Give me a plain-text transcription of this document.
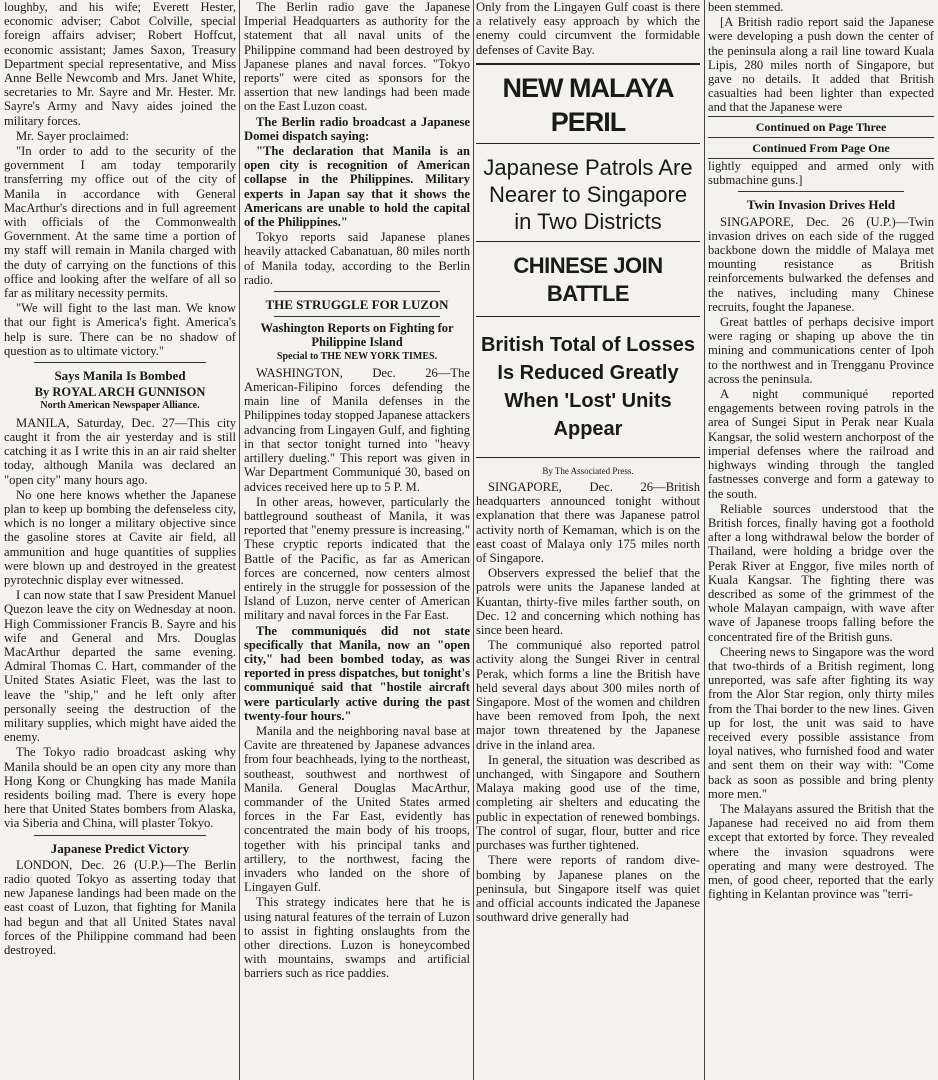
loughby, and his wife; Everett Hester, economic adviser; Cabot Colville, special foreign affairs adviser; Robert Hoffcut, economic assistant; James Saxon, Treasury Department special representative, and Miss Anne Belle Newcomb and Mrs. Janet White, secretaries to Mr. Sayre and Mr. Hester. Mr. Sayre's Army and Navy aides joined the military forces.

Mr. Sayer proclaimed:

"In order to add to the security of the government I am today temporarily transferring my office out of the city of Manila in accordance with General MacArthur's directions and in full agreement with officials of the Commonwealth Government. At the same time a portion of my staff will remain in Manila charged with the duty of carrying on the functions of this office and looking after the welfare of all so far as military necessity permits.

"We will fight to the last man. We know that our fight is America's fight. America's help is sure. There can be no shadow of question as to ultimate victory."

Says Manila Is Bombed
By ROYAL ARCH GUNNISON
North American Newspaper Alliance.

MANILA, Saturday, Dec. 27—This city caught it from the air yesterday and is still catching it as I write this in an air raid shelter today, although Manila was declared an "open city" many hours ago.

No one here knows whether the Japanese plan to keep up bombing the defenseless city, which is no longer a military objective since the gasoline stores at Cavite air field, all ammunition and huge quantities of supplies were blown up and destroyed in the greatest pyrotechnic display ever witnessed.

I can now state that I saw President Manuel Quezon leave the city on Wednesday at noon. High Commissioner Francis B. Sayre and his wife and General and Mrs. Douglas MacArthur departed the same evening. Admiral Thomas C. Hart, commander of the United States Asiatic Fleet, was the last to leave the "ship," and he left only after personally seeing the destruction of the military supplies, which might have aided the enemy.

The Tokyo radio broadcast asking why Manila should be an open city any more than Hong Kong or Chungking has made Manila residents boiling mad. There is every hope here that United States bombers from Alaska, via Siberia and China, will plaster Tokyo.

Japanese Predict Victory

LONDON, Dec. 26 (U.P.)—The Berlin radio quoted Tokyo as asserting today that new Japanese landings had been made on the east coast of Luzon, that fighting for Manila had begun and that all United States naval forces of the Philippine command had been destroyed.

The Berlin radio gave the Japanese Imperial Headquarters as authority for the statement that all naval units of the Philippine command had been destroyed by Japanese planes and naval forces. "Tokyo reports" were cited as sponsors for the assertion that new landings had been made on the East Luzon coast.

The Berlin radio broadcast a Japanese Domei dispatch saying:

"The declaration that Manila is an open city is recognition of American collapse in the Philippines. Military experts in Japan say that it shows the Americans are unable to hold the capital of the Philippines."

Tokyo reports said Japanese planes heavily attacked Cabanatuan, 80 miles north of Manila today, according to the Berlin radio.

THE STRUGGLE FOR LUZON
Washington Reports on Fighting for Philippine Island
Special to THE NEW YORK TIMES.

WASHINGTON, Dec. 26—The American-Filipino forces defending the main line of Manila defenses in the Philippines today stopped Japanese attackers advancing from Lingayen Gulf, and fighting in that sector tonight turned into "heavy artillery dueling." This report was given in War Department Communiqué 30, based on advices received here up to 5 P. M.

In other areas, however, particularly the battleground southeast of Manila, it was reported that "enemy pressure is increasing." These cryptic reports indicated that the Battle of the Pacific, as far as American forces are concerned, now centers almost entirely in the struggle for possession of the Island of Luzon, nerve center of American military and naval forces in the Far East.

The communiqués did not state specifically that Manila, now an "open city," had been bombed today, as was reported in press dispatches, but tonight's communiqué said that "hostile aircraft were particularly active during the past twenty-four hours."

Manila and the neighboring naval base at Cavite are threatened by Japanese advances from four beachheads, lying to the northeast, southeast, southwest and northwest of Manila. General Douglas MacArthur, commander of the United States armed forces in the Far East, evidently has concentrated the main body of his troops, together with his principal tanks and artillery, to the northwest, facing the invaders who landed on the shore of Lingayen Gulf.

This strategy indicates here that he is using natural features of the terrain of Luzon to assist in fighting onslaughts from the other directions. Luzon is honeycombed with mountains, swamps and artificial barriers such as rice paddies.

Only from the Lingayen Gulf coast is there a relatively easy approach by which the enemy could circumvent the formidable defenses of Cavite Bay.

NEW MALAYA PERIL
Japanese Patrols Are Nearer to Singapore in Two Districts
CHINESE JOIN BATTLE
British Total of Losses Is Reduced Greatly When 'Lost' Units Appear
By The Associated Press.

SINGAPORE, Dec. 26—British headquarters announced tonight without explanation that there was Japanese patrol activity north of Kemaman, which is on the east coast of Malaya only 175 miles north of Singapore.

Observers expressed the belief that the patrols were units the Japanese landed at Kuantan, thirty-five miles farther south, on Dec. 12 and concerning which nothing has since been heard.

The communiqué also reported patrol activity along the Sungei River in central Perak, which forms a line the British have held several days about 300 miles north of Singapore. Most of the women and children have been removed from Ipoh, the next major town threatened by the Japanese drive in the inland area.

In general, the situation was described as unchanged, with Singapore and Southern Malaya making good use of the time, completing air shelters and educating the public in expectation of renewed bombings. The control of sugar, flour, butter and rice purchases was further tightened.

There were reports of random dive-bombing by Japanese planes on the peninsula, but Singapore itself was quiet and official accounts indicated the Japanese southward drive generally had

been stemmed.

[A British radio report said the Japanese were developing a push down the center of the peninsula along a rail line toward Kuala Lipis, 280 miles north of Singapore, but gave no details. It added that British casualties had been lighter than expected and that the Japanese were

Continued on Page Three
Continued From Page One

lightly equipped and armed only with submachine guns.]

Twin Invasion Drives Held

SINGAPORE, Dec. 26 (U.P.)—Twin invasion drives on each side of the rugged backbone down the middle of Malaya met mounting resistance as British reinforcements bulwarked the defenses and the natives, including many Chinese recruits, fought the Japanese.

Great battles of perhaps decisive import were raging or shaping up above the tin mining and communications center of Ipoh to the northwest and in Trengganu Province across the peninsula.

A night communiqué reported engagements between roving patrols in the area of Sungei Siput in Perak near Kuala Kangsar, the solid western anchorpost of the imperial defenses where the railroad and highways winding through the tangled fastnesses converge and form a gateway to the south.

Reliable sources understood that the British forces, finally having got a foothold after a long withdrawal below the border of Thailand, were holding a bridge over the Perak River at Enggor, five miles north of Kuala Kangsar. The fighting there was described as some of the grimmest of the whole Malayan campaign, with wave after wave of Japanese troops falling before the concentrated fire of the British guns.

Cheering news to Singapore was the word that two-thirds of a British regiment, long unreported, was safe after fighting its way from the Alor Star region, only thirty miles from the Thai border to the new lines. Given up for lost, the unit was said to have received every possible assistance from loyal natives, who furnished food and water and sent them on their way with: "Come back as soon as possible and bring plenty more men."

The Malayans assured the British that the Japanese had received no aid from them except that extorted by force. They revealed where the invasion squadrons were operating and many were destroyed. The men, of good cheer, reported that the early fighting in Kelantan province was "terri-
